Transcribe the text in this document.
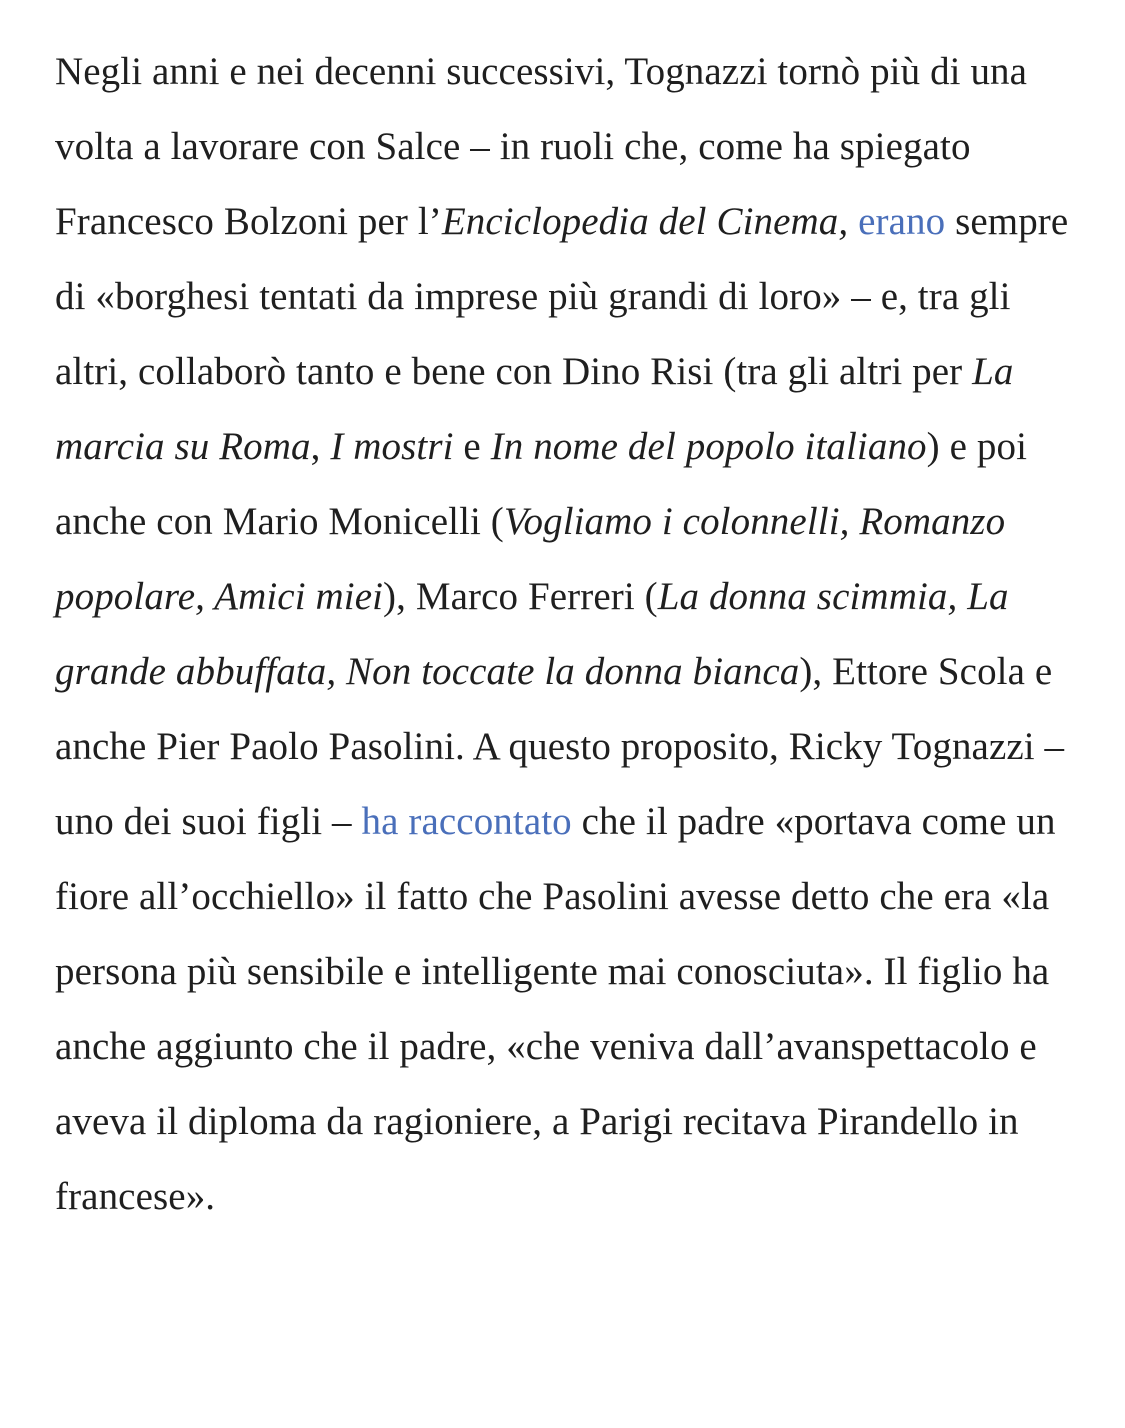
Negli anni e nei decenni successivi, Tognazzi tornò più di una volta a lavorare con Salce – in ruoli che, come ha spiegato Francesco Bolzoni per l’Enciclopedia del Cinema, erano sempre di «borghesi tentati da imprese più grandi di loro» – e, tra gli altri, collaborò tanto e bene con Dino Risi (tra gli altri per La marcia su Roma, I mostri e In nome del popolo italiano) e poi anche con Mario Monicelli (Vogliamo i colonnelli, Romanzo popolare, Amici miei), Marco Ferreri (La donna scimmia, La grande abbuffata, Non toccate la donna bianca), Ettore Scola e anche Pier Paolo Pasolini. A questo proposito, Ricky Tognazzi – uno dei suoi figli – ha raccontato che il padre «portava come un fiore all’occhiello» il fatto che Pasolini avesse detto che era «la persona più sensibile e intelligente mai conosciuta». Il figlio ha anche aggiunto che il padre, «che veniva dall’avanspettacolo e aveva il diploma da ragioniere, a Parigi recitava Pirandello in francese».
